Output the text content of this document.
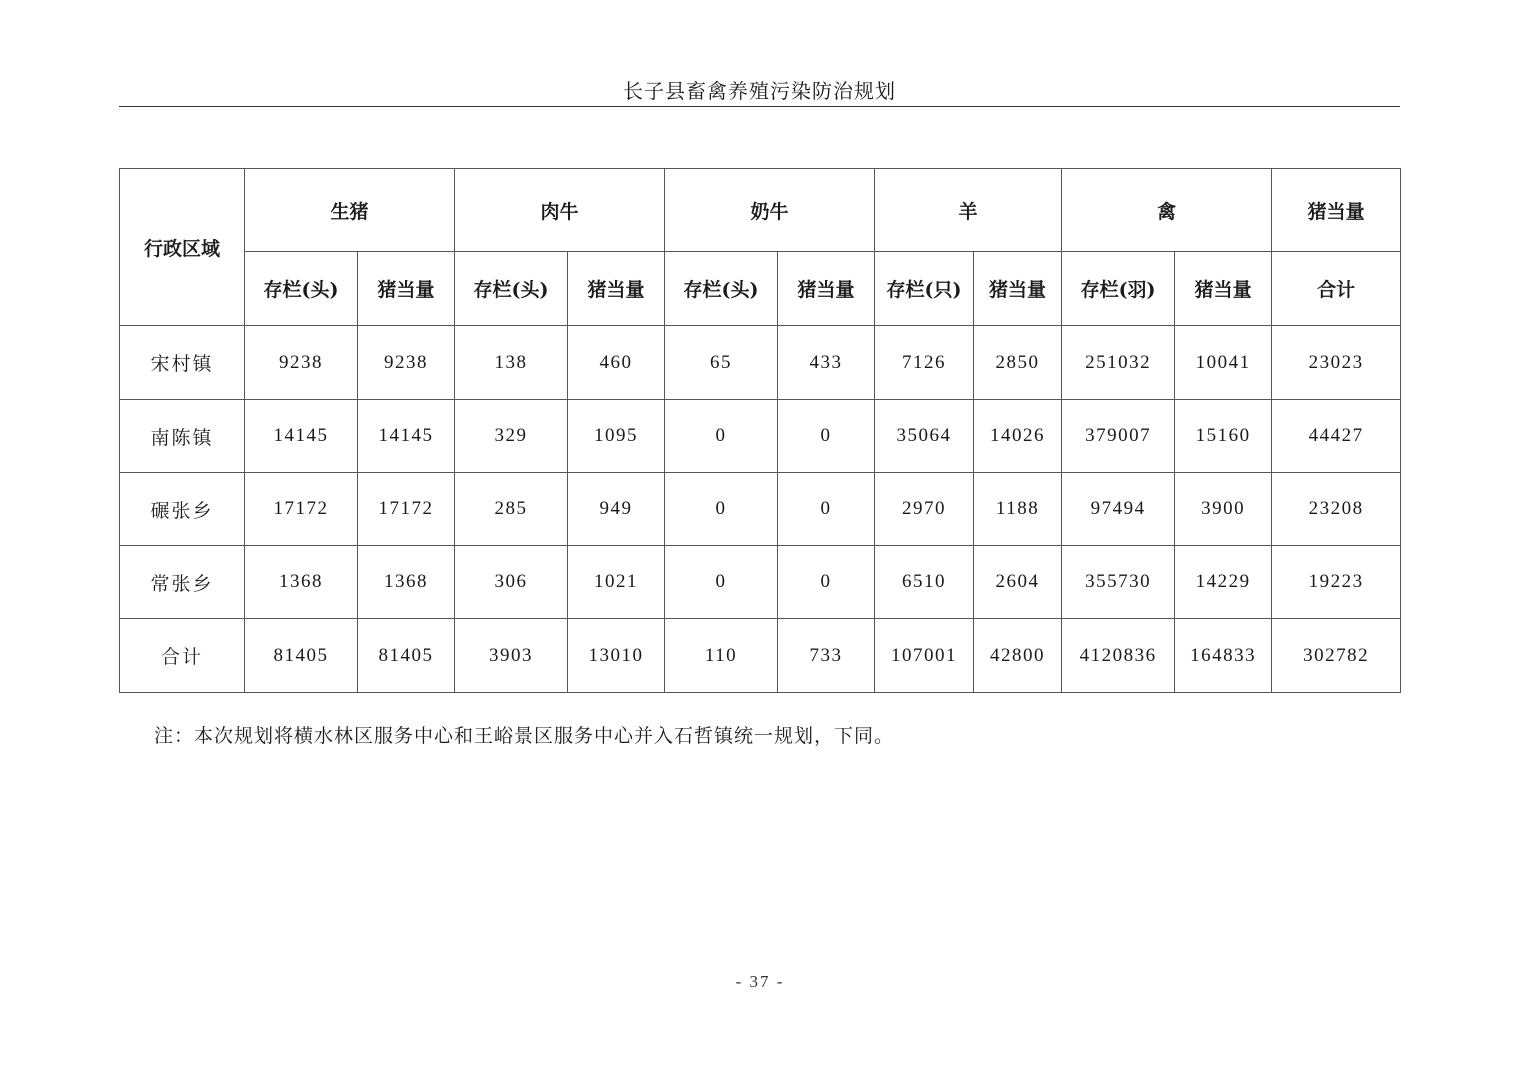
长子县畜禽养殖污染防治规划
行政区域	生猪		肉牛		奶牛		羊		禽		猪当量
	存栏(头)	猪当量	存栏(头)	猪当量	存栏(头)	猪当量	存栏(只)	猪当量	存栏(羽)	猪当量	合计
宋村镇	9238	9238	138	460	65	433	7126	2850	251032	10041	23023
南陈镇	14145	14145	329	1095	0	0	35064	14026	379007	15160	44427
碾张乡	17172	17172	285	949	0	0	2970	1188	97494	3900	23208
常张乡	1368	1368	306	1021	0	0	6510	2604	355730	14229	19223
合计	81405	81405	3903	13010	110	733	107001	42800	4120836	164833	302782
注：本次规划将横水林区服务中心和王峪景区服务中心并入石哲镇统一规划，下同。
- 37 -
